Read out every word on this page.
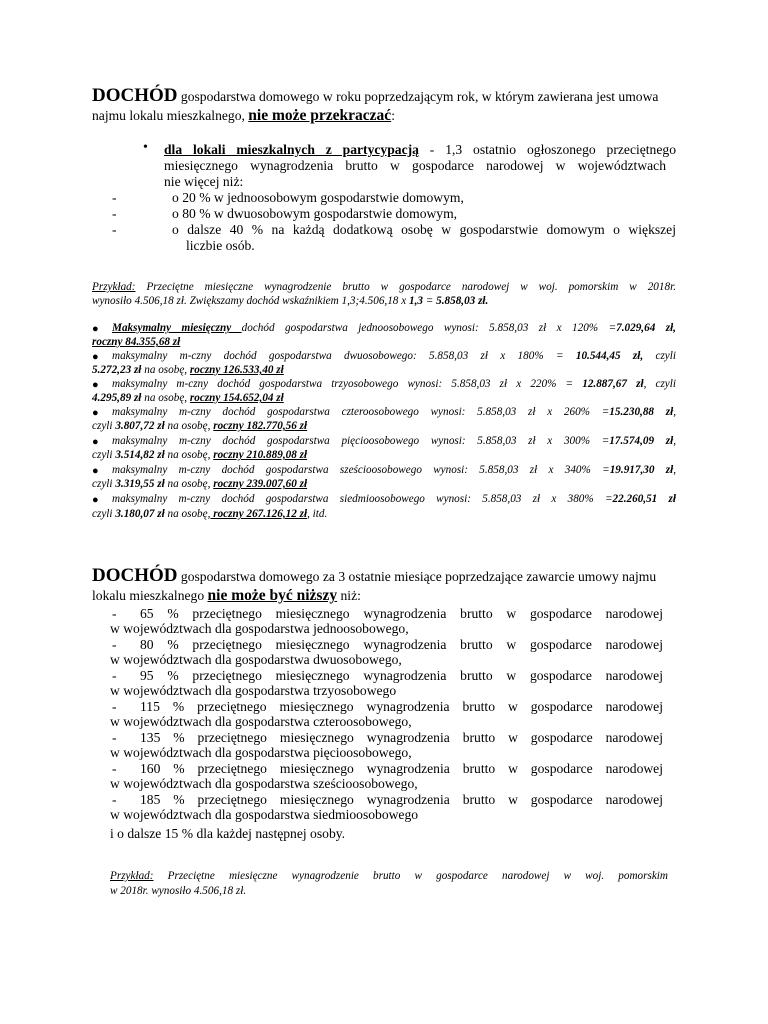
DOCHÓD gospodarstwa domowego w roku poprzedzającym rok, w którym zawierana jest umowa
najmu lokalu mieszkalnego, nie może przekraczać:
• dla lokali mieszkalnych z partycypacją - 1,3 ostatnio ogłoszonego przeciętnego
miesięcznego wynagrodzenia brutto w gospodarce narodowej w województwach
nie więcej niż:
-	o 20 % w jednoosobowym gospodarstwie domowym,
-	o 80 % w dwuosobowym gospodarstwie domowym,
-	o dalsze 40 % na każdą dodatkową osobę w gospodarstwie domowym o większej
liczbie osób.
Przykład: Przeciętne miesięczne wynagrodzenie brutto w gospodarce narodowej w woj. pomorskim w 2018r.
wynosiło 4.506,18 zł. Zwiększamy dochód wskaźnikiem 1,3;4.506,18 x 1,3 = 5.858,03 zł.
● Maksymalny miesięczny dochód gospodarstwa jednoosobowego wynosi: 5.858,03 zł x 120% =7.029,64 zł,
roczny 84.355,68 zł
● maksymalny m-czny dochód gospodarstwa dwuosobowego: 5.858,03 zł x 180% = 10.544,45 zł, czyli
5.272,23 zł na osobę, roczny 126.533,40 zł
● maksymalny m-czny dochód gospodarstwa trzyosobowego wynosi: 5.858,03 zł x 220% = 12.887,67 zł, czyli
4.295,89 zł na osobę, roczny 154.652,04 zł
● maksymalny m-czny dochód gospodarstwa czteroosobowego wynosi: 5.858,03 zł x 260% =15.230,88 zł,
czyli 3.807,72 zł na osobę, roczny 182.770,56 zł
● maksymalny m-czny dochód gospodarstwa pięcioosobowego wynosi: 5.858,03 zł x 300% =17.574,09 zł,
czyli 3.514,82 zł na osobę, roczny 210.889,08 zł
● maksymalny m-czny dochód gospodarstwa sześcioosobowego wynosi: 5.858,03 zł x 340% =19.917,30 zł,
czyli 3.319,55 zł na osobę, roczny 239.007,60 zł
● maksymalny m-czny dochód gospodarstwa siedmioosobowego wynosi: 5.858,03 zł x 380% =22.260,51 zł
czyli 3.180,07 zł na osobę, roczny 267.126,12 zł, itd.
DOCHÓD gospodarstwa domowego za 3 ostatnie miesiące poprzedzające zawarcie umowy najmu
lokalu mieszkalnego nie może być niższy niż:
- 65 % przeciętnego miesięcznego wynagrodzenia brutto w gospodarce narodowej
w województwach dla gospodarstwa jednoosobowego,
- 80 % przeciętnego miesięcznego wynagrodzenia brutto w gospodarce narodowej
w województwach dla gospodarstwa dwuosobowego,
- 95 % przeciętnego miesięcznego wynagrodzenia brutto w gospodarce narodowej
w województwach dla gospodarstwa trzyosobowego
- 115 % przeciętnego miesięcznego wynagrodzenia brutto w gospodarce narodowej
w województwach dla gospodarstwa czteroosobowego,
- 135 % przeciętnego miesięcznego wynagrodzenia brutto w gospodarce narodowej
w województwach dla gospodarstwa pięcioosobowego,
- 160 % przeciętnego miesięcznego wynagrodzenia brutto w gospodarce narodowej
w województwach dla gospodarstwa sześcioosobowego,
- 185 % przeciętnego miesięcznego wynagrodzenia brutto w gospodarce narodowej
w województwach dla gospodarstwa siedmioosobowego
i o dalsze 15 % dla każdej następnej osoby.
Przykład: Przeciętne miesięczne wynagrodzenie brutto w gospodarce narodowej w woj. pomorskim
w 2018r. wynosiło 4.506,18 zł.
